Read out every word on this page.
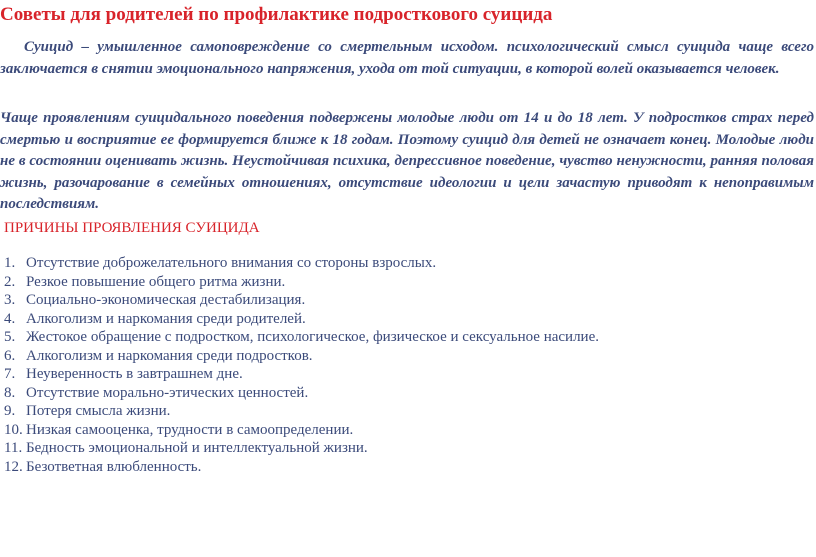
Советы для родителей по профилактике подросткового суицида

Суицид – умышленное самоповреждение со смертельным исходом. психологический смысл суицида чаще всего заключается в снятии эмоционального напряжения, ухода от той ситуации, в которой волей оказывается человек.

Чаще проявлениям суицидального поведения подвержены молодые люди от 14 и до 18 лет. У подростков страх перед смертью и восприятие ее формируется ближе к 18 годам. Поэтому суицид для детей не означает конец. Молодые люди не в состоянии оценивать жизнь. Неустойчивая психика, депрессивное поведение, чувство ненужности, ранняя половая жизнь, разочарование в семейных отношениях, отсутствие идеологии и цели зачастую приводят к непоправимым последствиям.

ПРИЧИНЫ ПРОЯВЛЕНИЯ СУИЦИДА
1. Отсутствие доброжелательного внимания со стороны взрослых.
2. Резкое повышение общего ритма жизни.
3. Социально-экономическая дестабилизация.
4. Алкоголизм и наркомания среди родителей.
5. Жестокое обращение с подростком, психологическое, физическое и сексуальное насилие.
6. Алкоголизм и наркомания среди подростков.
7. Неуверенность в завтрашнем дне.
8. Отсутствие морально-этических ценностей.
9. Потеря смысла жизни.
10. Низкая самооценка, трудности в самоопределении.
11. Бедность эмоциональной и интеллектуальной жизни.
12. Безответная влюбленность.
